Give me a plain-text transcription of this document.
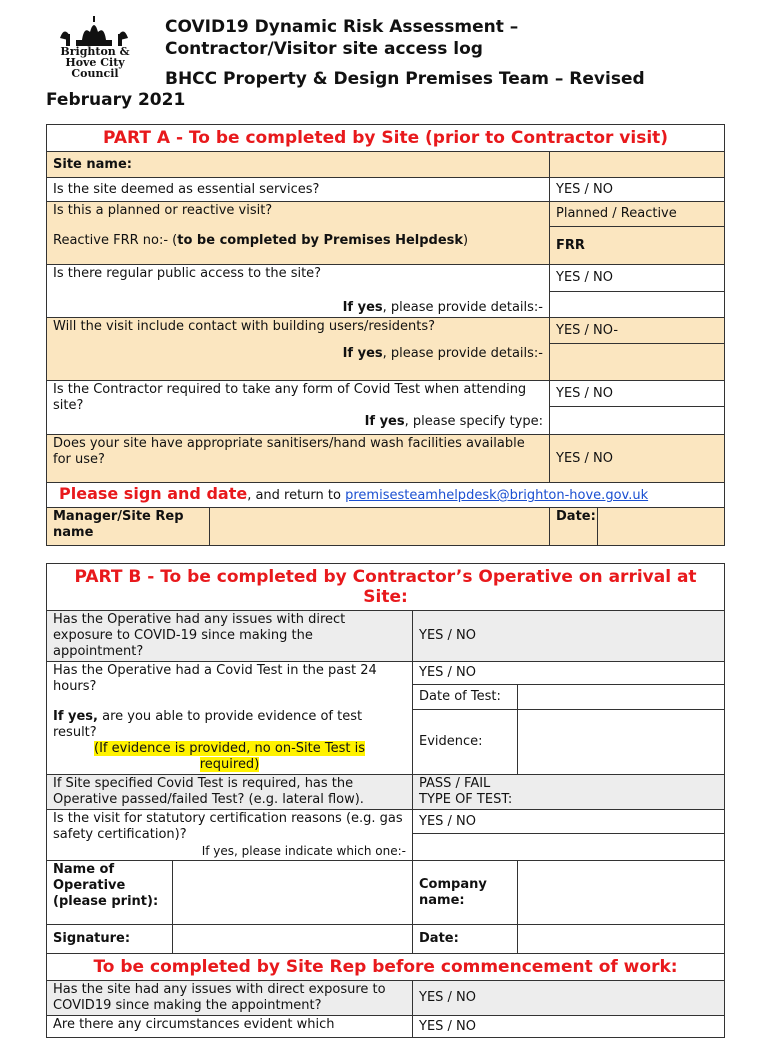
Brighton & Hove City Council
COVID19 Dynamic Risk Assessment –
Contractor/Visitor site access log
BHCC Property & Design Premises Team – Revised
February 2021
PART A - To be completed by Site (prior to Contractor visit)			
Site name:			
Is the site deemed as essential services?		YES / NO	

Is this a planned or reactive visit?
Reactive FRR no:- (to be completed by Premises Helpdesk)		Planned / Reactive	
		FRR	

Is there regular public access to the site?
If yes, please provide details:-		YES / NO	

Will the visit include contact with building users/residents?
If yes, please provide details:-		YES / NO-	

Is the Contractor required to take any form of Covid Test when attending site?
If yes, please specify type:		YES / NO	

Does your site have appropriate sanitisers/hand wash facilities available for use?		YES / NO	
Please sign and date, and return to premisesteamhelpdesk@brighton-hove.gov.uk			
Manager/Site Rep name		Date:	
PART B - To be completed by Contractor’s Operative on arrival at Site:			
Has the Operative had any issues with direct exposure to COVID-19 since making the appointment?		YES / NO	

Has the Operative had a Covid Test in the past 24 hours?
If yes, are you able to provide evidence of test result?
(If evidence is provided, no on-Site Test is required)		YES / NO	
		Date of Test:	
		Evidence:	

If Site specified Covid Test is required, has the Operative passed/failed Test? (e.g. lateral flow).		PASS / FAIL
TYPE OF TEST:	

Is the visit for statutory certification reasons (e.g. gas safety certification)?
If yes, please indicate which one:-		YES / NO	

Name of Operative (please print):		Company name:	
Signature:		Date:	
To be completed by Site Rep before commencement of work:			
Has the site had any issues with direct exposure to COVID19 since making the appointment?		YES / NO	
Are there any circumstances evident which		YES / NO	
